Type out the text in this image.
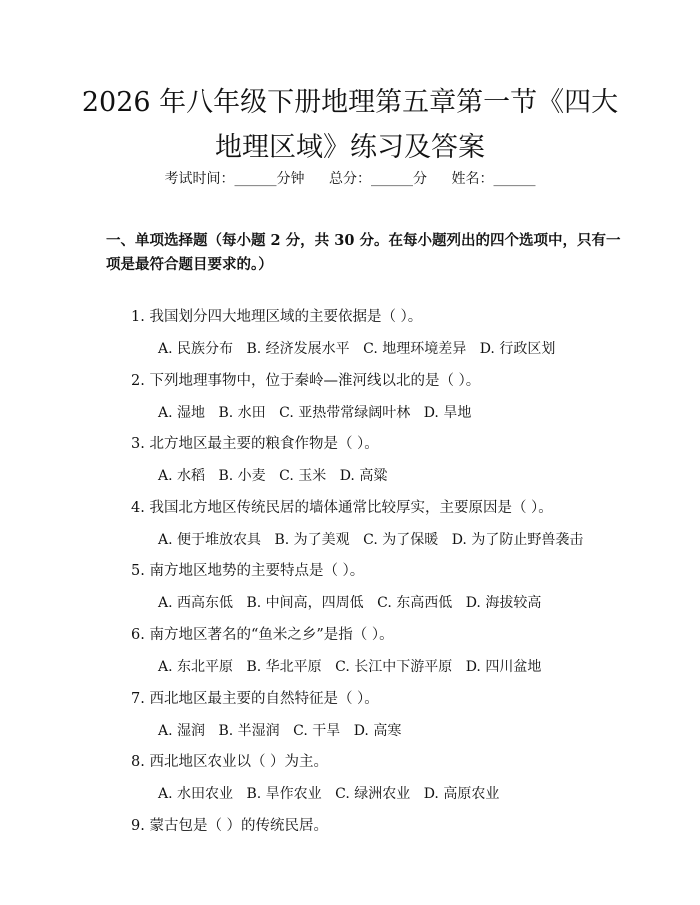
2026 年八年级下册地理第五章第一节《四大
地理区域》练习及答案
考试时间：______分钟 总分：______分 姓名：______
一、单项选择题（每小题 2 分，共 30 分。在每小题列出的四个选项中，只有一项是最符合题目要求的。）
1. 我国划分四大地理区域的主要依据是（ ）。
A. 民族分布 B. 经济发展水平 C. 地理环境差异 D. 行政区划
2. 下列地理事物中，位于秦岭—淮河线以北的是（ ）。
A. 湿地 B. 水田 C. 亚热带常绿阔叶林 D. 旱地
3. 北方地区最主要的粮食作物是（ ）。
A. 水稻 B. 小麦 C. 玉米 D. 高粱
4. 我国北方地区传统民居的墙体通常比较厚实，主要原因是（ ）。
A. 便于堆放农具 B. 为了美观 C. 为了保暖 D. 为了防止野兽袭击
5. 南方地区地势的主要特点是（ ）。
A. 西高东低 B. 中间高，四周低 C. 东高西低 D. 海拔较高
6. 南方地区著名的“鱼米之乡”是指（ ）。
A. 东北平原 B. 华北平原 C. 长江中下游平原 D. 四川盆地
7. 西北地区最主要的自然特征是（ ）。
A. 湿润 B. 半湿润 C. 干旱 D. 高寒
8. 西北地区农业以（ ）为主。
A. 水田农业 B. 旱作农业 C. 绿洲农业 D. 高原农业
9. 蒙古包是（ ）的传统民居。
